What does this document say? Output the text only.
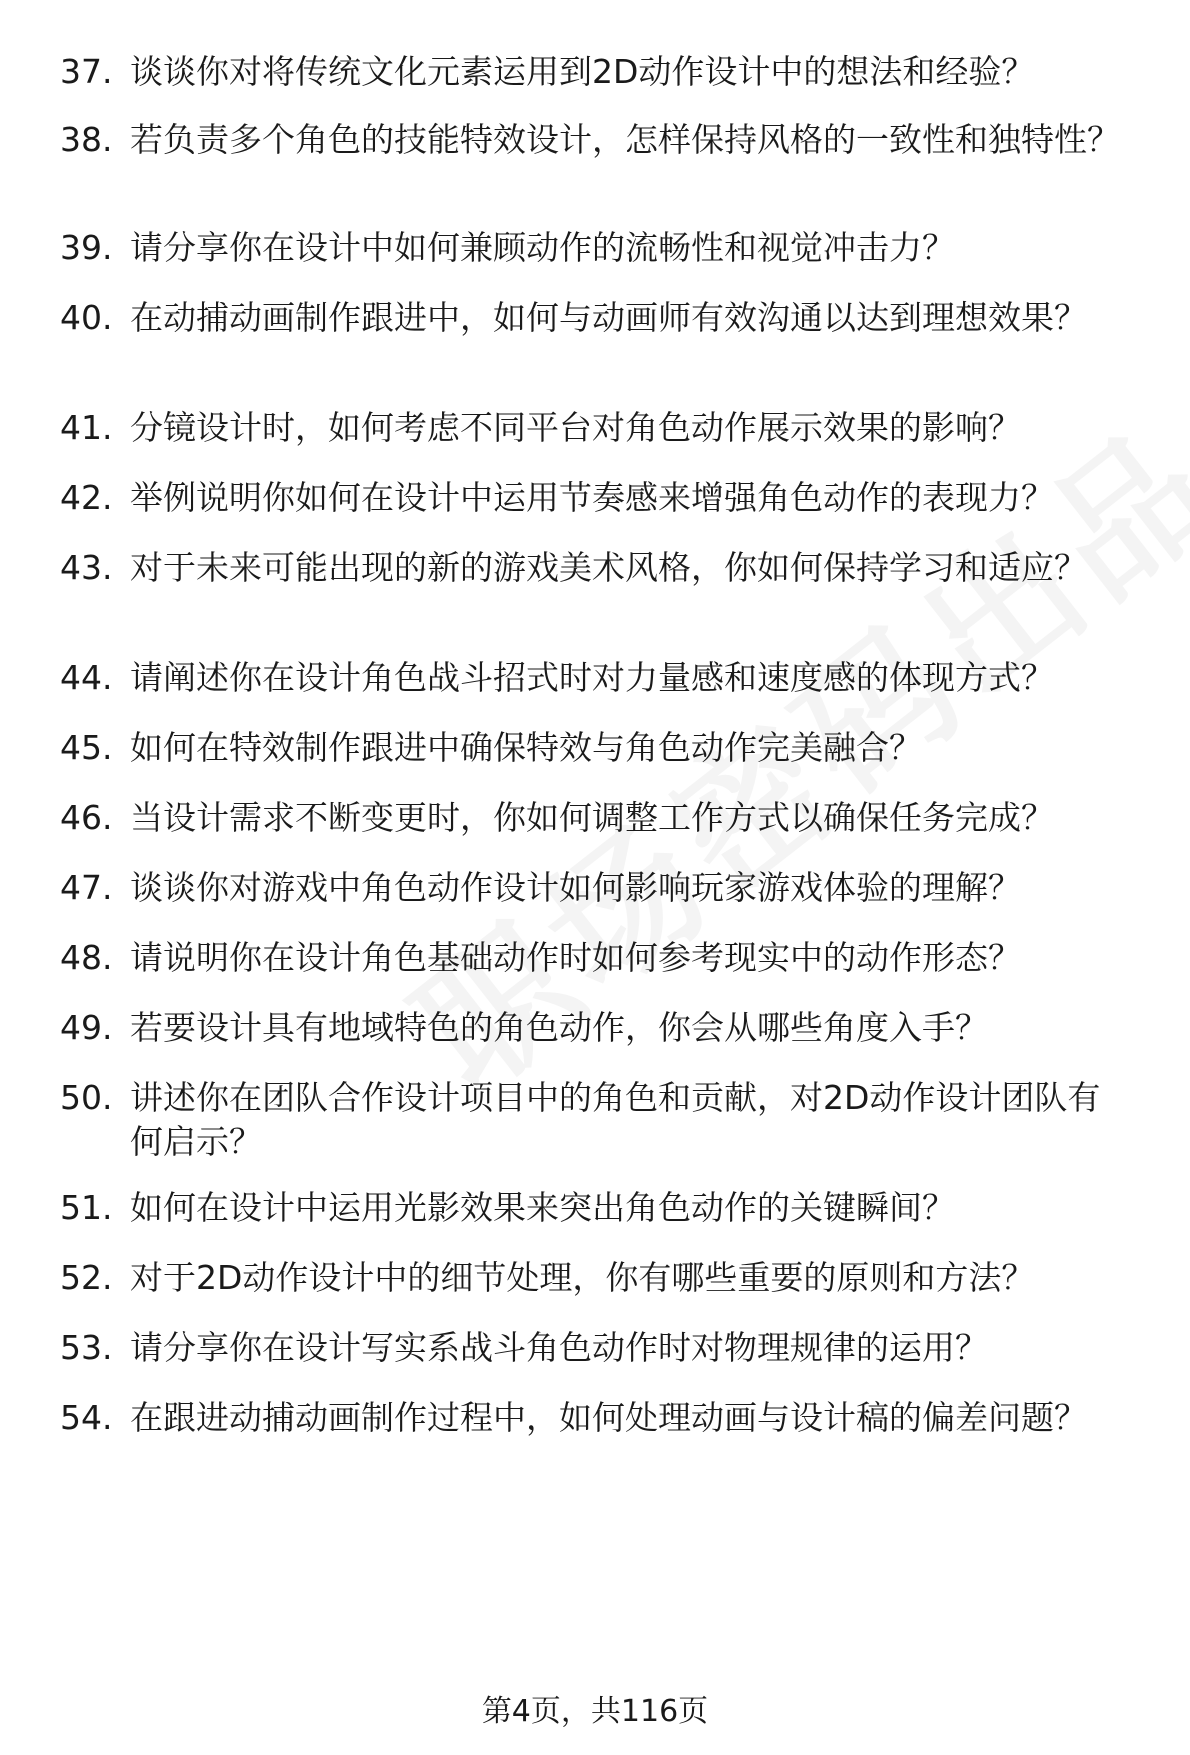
37. 谈谈你对将传统文化元素运用到2D动作设计中的想法和经验？
38. 若负责多个角色的技能特效设计，怎样保持风格的一致性和独特性？
39. 请分享你在设计中如何兼顾动作的流畅性和视觉冲击力？
40. 在动捕动画制作跟进中，如何与动画师有效沟通以达到理想效果？
41. 分镜设计时，如何考虑不同平台对角色动作展示效果的影响？
42. 举例说明你如何在设计中运用节奏感来增强角色动作的表现力？
43. 对于未来可能出现的新的游戏美术风格，你如何保持学习和适应？
44. 请阐述你在设计角色战斗招式时对力量感和速度感的体现方式？
45. 如何在特效制作跟进中确保特效与角色动作完美融合？
46. 当设计需求不断变更时，你如何调整工作方式以确保任务完成？
47. 谈谈你对游戏中角色动作设计如何影响玩家游戏体验的理解？
48. 请说明你在设计角色基础动作时如何参考现实中的动作形态？
49. 若要设计具有地域特色的角色动作，你会从哪些角度入手？
50. 讲述你在团队合作设计项目中的角色和贡献，对2D动作设计团队有何启示？
51. 如何在设计中运用光影效果来突出角色动作的关键瞬间？
52. 对于2D动作设计中的细节处理，你有哪些重要的原则和方法？
53. 请分享你在设计写实系战斗角色动作时对物理规律的运用？
54. 在跟进动捕动画制作过程中，如何处理动画与设计稿的偏差问题？
第4页，共116页
